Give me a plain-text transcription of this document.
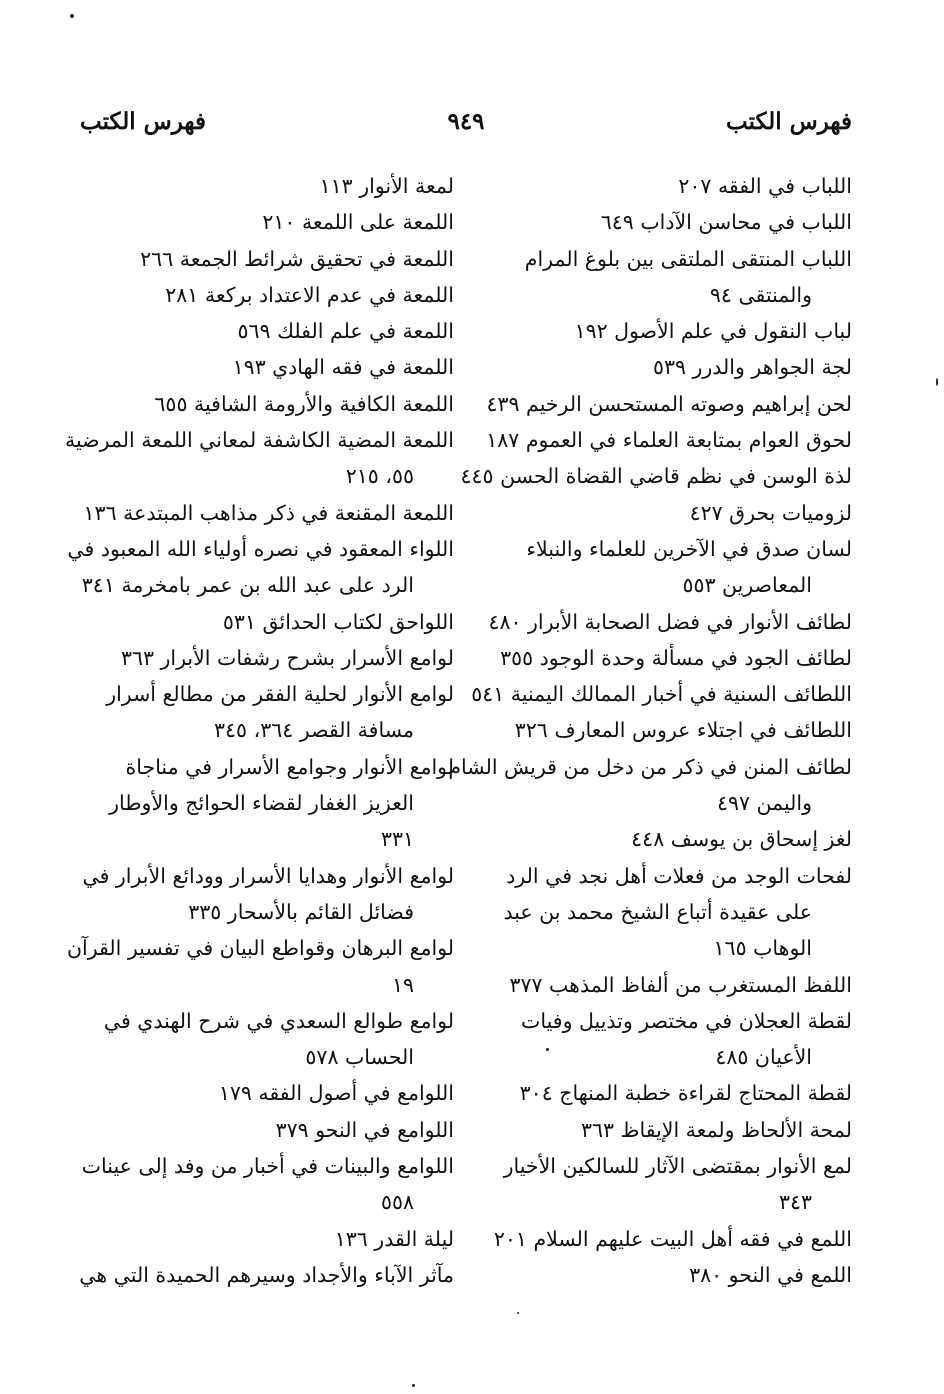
فهرس الكتب
٩٤٩
فهرس الكتب
اللباب في الفقه ٢٠٧
اللباب في محاسن الآداب ٦٤٩
اللباب المنتقى الملتقى بين بلوغ المرام
والمنتقى ٩٤
لباب النقول في علم الأصول ١٩٢
لجة الجواهر والدرر ٥٣٩
لحن إبراهيم وصوته المستحسن الرخيم ٤٣٩
لحوق العوام بمتابعة العلماء في العموم ١٨٧
لذة الوسن في نظم قاضي القضاة الحسن ٤٤٥
لزوميات بحرق ٤٢٧
لسان صدق في الآخرين للعلماء والنبلاء
المعاصرين ٥٥٣
لطائف الأنوار في فضل الصحابة الأبرار ٤٨٠
لطائف الجود في مسألة وحدة الوجود ٣٥٥
اللطائف السنية في أخبار الممالك اليمنية ٥٤١
اللطائف في اجتلاء عروس المعارف ٣٢٦
لطائف المنن في ذكر من دخل من قريش الشام
واليمن ٤٩٧
لغز إسحاق بن يوسف ٤٤٨
لفحات الوجد من فعلات أهل نجد في الرد
على عقيدة أتباع الشيخ محمد بن عبد
الوهاب ١٦٥
اللفظ المستغرب من ألفاظ المذهب ٣٧٧
لقطة العجلان في مختصر وتذييل وفيات
الأعيان ٤٨٥
لقطة المحتاج لقراءة خطبة المنهاج ٣٠٤
لمحة الألحاظ ولمعة الإيقاظ ٣٦٣
لمع الأنوار بمقتضى الآثار للسالكين الأخيار
٣٤٣
اللمع في فقه أهل البيت عليهم السلام ٢٠١
اللمع في النحو ٣٨٠
لمعة الأنوار ١١٣
اللمعة على اللمعة ٢١٠
اللمعة في تحقيق شرائط الجمعة ٢٦٦
اللمعة في عدم الاعتداد بركعة ٢٨١
اللمعة في علم الفلك ٥٦٩
اللمعة في فقه الهادي ١٩٣
اللمعة الكافية والأرومة الشافية ٦٥٥
اللمعة المضية الكاشفة لمعاني اللمعة المرضية
٥٥، ٢١٥
اللمعة المقنعة في ذكر مذاهب المبتدعة ١٣٦
اللواء المعقود في نصره أولياء الله المعبود في
الرد على عبد الله بن عمر بامخرمة ٣٤١
اللواحق لكتاب الحدائق ٥٣١
لوامع الأسرار بشرح رشفات الأبرار ٣٦٣
لوامع الأنوار لحلية الفقر من مطالع أسرار
مسافة القصر ٣٦٤، ٣٤٥
لوامع الأنوار وجوامع الأسرار في مناجاة
العزيز الغفار لقضاء الحوائج والأوطار
٣٣١
لوامع الأنوار وهدايا الأسرار وودائع الأبرار في
فضائل القائم بالأسحار ٣٣٥
لوامع البرهان وقواطع البيان في تفسير القرآن
١٩
لوامع طوالع السعدي في شرح الهندي في
الحساب ٥٧٨
اللوامع في أصول الفقه ١٧٩
اللوامع في النحو ٣٧٩
اللوامع والبينات في أخبار من وفد إلى عينات
٥٥٨
ليلة القدر ١٣٦
مآثر الآباء والأجداد وسيرهم الحميدة التي هي
